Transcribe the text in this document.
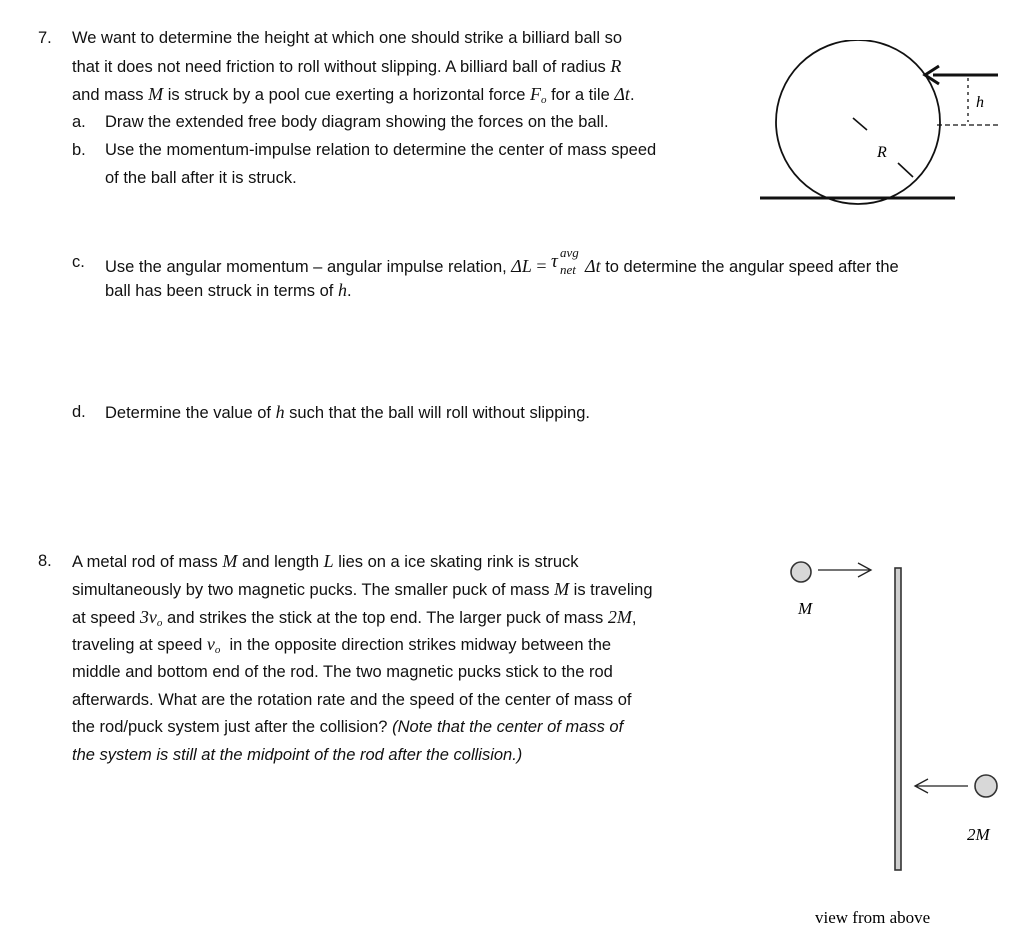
7. We want to determine the height at which one should strike a billiard ball so
that it does not need friction to roll without slipping. A billiard ball of radius R
and mass M is struck by a pool cue exerting a horizontal force $F_o$ for a tile Δt.
a. Draw the extended free body diagram showing the forces on the ball.
b. Use the momentum-impulse relation to determine the center of mass speed
of the ball after it is struck.
R
h
c. Use the angular momentum – angular impulse relation, ΔL = τ avg
net Δt to determine the angular speed after the
ball has been struck in terms of h.
d. Determine the value of h such that the ball will roll without slipping.
8. A metal rod of mass M and length L lies on a ice skating rink is struck
simultaneously by two magnetic pucks. The smaller puck of mass M is traveling
at speed $3v_o$ and strikes the stick at the top end. The larger puck of mass 2M,
traveling at speed $v_o$  in the opposite direction strikes midway between the
middle and bottom end of the rod. The two magnetic pucks stick to the rod
afterwards. What are the rotation rate and the speed of the center of mass of
the rod/puck system just after the collision? (Note that the center of mass of
the system is still at the midpoint of the rod after the collision.)
M
2M
view from above
